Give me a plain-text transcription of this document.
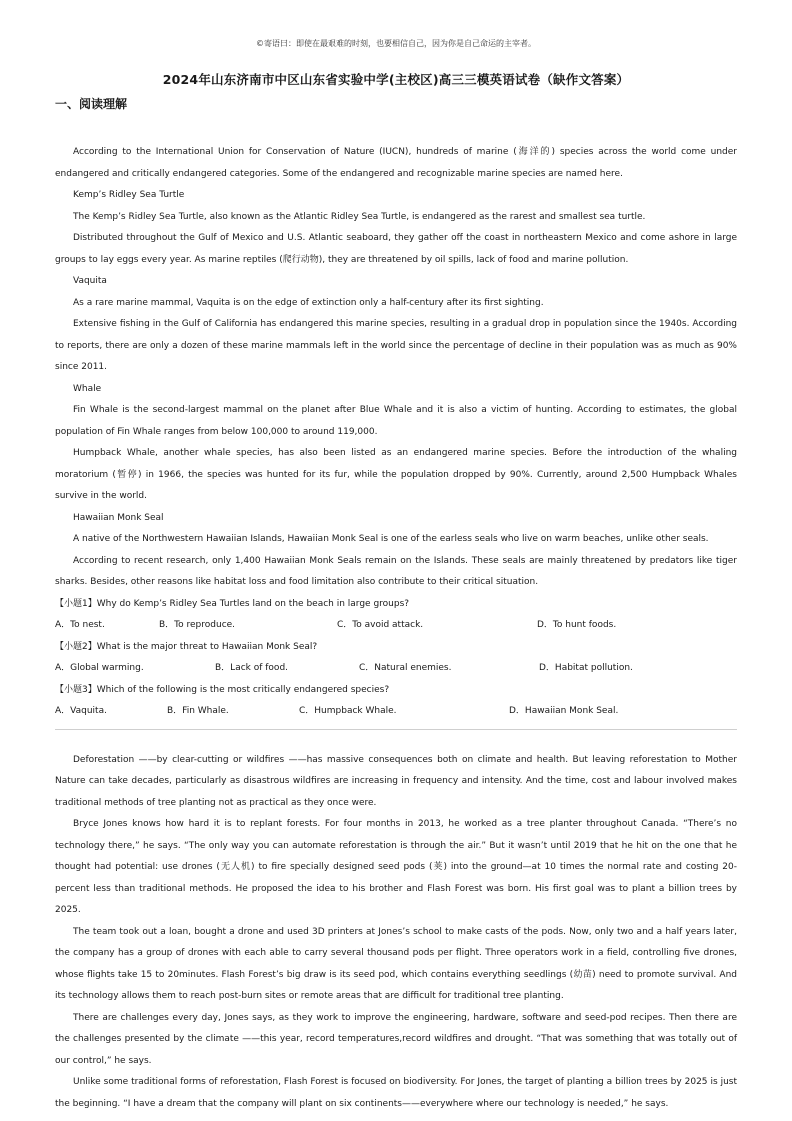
©寄语曰：即使在最艰难的时刻，也要相信自己，因为你是自己命运的主宰者。
2024年山东济南市中区山东省实验中学(主校区)高三三模英语试卷（缺作文答案）
一、阅读理解

According to the International Union for Conservation of Nature (IUCN), hundreds of marine (海洋的) species across the world come under endangered and critically endangered categories. Some of the endangered and recognizable marine species are named here.

Kemp’s Ridley Sea Turtle

The Kemp’s Ridley Sea Turtle, also known as the Atlantic Ridley Sea Turtle, is endangered as the rarest and smallest sea turtle.

Distributed throughout the Gulf of Mexico and U.S. Atlantic seaboard, they gather off the coast in northeastern Mexico and come ashore in large groups to lay eggs every year. As marine reptiles (爬行动物), they are threatened by oil spills, lack of food and marine pollution.

Vaquita

As a rare marine mammal, Vaquita is on the edge of extinction only a half-century after its first sighting.

Extensive fishing in the Gulf of California has endangered this marine species, resulting in a gradual drop in population since the 1940s. According to reports, there are only a dozen of these marine mammals left in the world since the percentage of decline in their population was as much as 90% since 2011.

Whale

Fin Whale is the second-largest mammal on the planet after Blue Whale and it is also a victim of hunting. According to estimates, the global population of Fin Whale ranges from below 100,000 to around 119,000.

Humpback Whale, another whale species, has also been listed as an endangered marine species. Before the introduction of the whaling moratorium (暂停) in 1966, the species was hunted for its fur, while the population dropped by 90%. Currently, around 2,500 Humpback Whales survive in the world.

Hawaiian Monk Seal

A native of the Northwestern Hawaiian Islands, Hawaiian Monk Seal is one of the earless seals who live on warm beaches, unlike other seals.

According to recent research, only 1,400 Hawaiian Monk Seals remain on the Islands. These seals are mainly threatened by predators like tiger sharks. Besides, other reasons like habitat loss and food limitation also contribute to their critical situation.

【小题1】Why do Kemp’s Ridley Sea Turtles land on the beach in large groups?

A．To nest.	B．To reproduce.	C．To avoid attack.	D．To hunt foods.

【小题2】What is the major threat to Hawaiian Monk Seal?

A．Global warming.	B．Lack of food.	C．Natural enemies.	D．Habitat pollution.

【小题3】Which of the following is the most critically endangered species?

A．Vaquita.	B．Fin Whale.	C．Humpback Whale.	D．Hawaiian Monk Seal.

Deforestation ——by clear-cutting or wildfires ——has massive consequences both on climate and health. But leaving reforestation to Mother Nature can take decades, particularly as disastrous wildfires are increasing in frequency and intensity. And the time, cost and labour involved makes traditional methods of tree planting not as practical as they once were.

Bryce Jones knows how hard it is to replant forests. For four months in 2013, he worked as a tree planter throughout Canada. “There’s no technology there,” he says. “The only way you can automate reforestation is through the air.” But it wasn’t until 2019 that he hit on the one that he thought had potential: use drones (无人机) to fire specially designed seed pods (荚) into the ground—at 10 times the normal rate and costing 20-percent less than traditional methods. He proposed the idea to his brother and Flash Forest was born. His first goal was to plant a billion trees by 2025.

The team took out a loan, bought a drone and used 3D printers at Jones’s school to make casts of the pods. Now, only two and a half years later, the company has a group of drones with each able to carry several thousand pods per flight. Three operators work in a field, controlling five drones, whose flights take 15 to 20minutes. Flash Forest’s big draw is its seed pod, which contains everything seedlings (幼苗) need to promote survival. And its technology allows them to reach post-burn sites or remote areas that are difficult for traditional tree planting.

There are challenges every day, Jones says, as they work to improve the engineering, hardware, software and seed-pod recipes. Then there are the challenges presented by the climate ——this year, record temperatures,record wildfires and drought. “That was something that was totally out of our control,” he says.

Unlike some traditional forms of reforestation, Flash Forest is focused on biodiversity. For Jones, the target of planting a billion trees by 2025 is just the beginning. “I have a dream that the company will plant on six continents——everywhere where our technology is needed,” he says.
